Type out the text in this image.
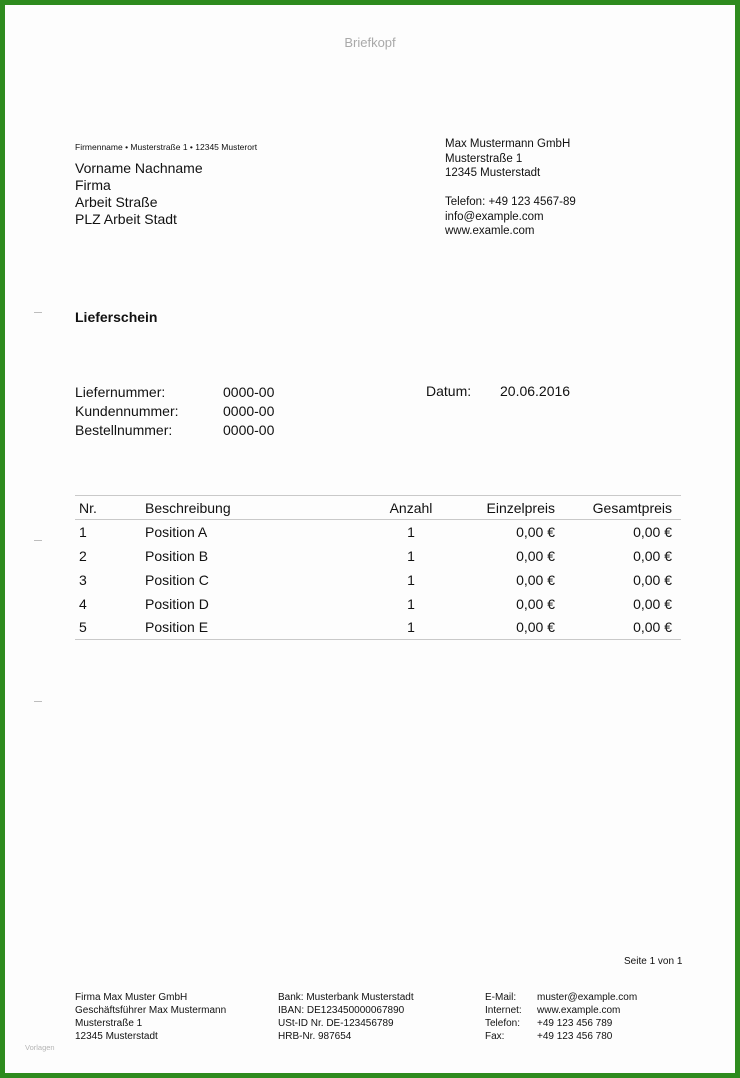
Briefkopf
Firmenname • Musterstraße 1 • 12345 Musterort
Vorname Nachname
Firma
Arbeit Straße
PLZ Arbeit Stadt
Max Mustermann GmbH
Musterstraße 1
12345 Musterstadt
Telefon: +49 123 4567-89
info@example.com
www.examle.com
Lieferschein
Liefernummer:	0000-00
Kundennummer:	0000-00
Bestellnummer:	0000-00
Datum: 20.06.2016
Nr.	Beschreibung	Anzahl	Einzelpreis	Gesamtpreis
1	Position A	1	0,00 €	0,00 €
2	Position B	1	0,00 €	0,00 €
3	Position C	1	0,00 €	0,00 €
4	Position D	1	0,00 €	0,00 €
5	Position E	1	0,00 €	0,00 €
Seite 1 von 1
Firma Max Muster GmbH
Geschäftsführer Max Mustermann
Musterstraße 1
12345 Musterstadt
Bank: Musterbank Musterstadt
IBAN: DE123450000067890
USt-ID Nr. DE-123456789
HRB-Nr. 987654
E-Mail:	muster@example.com
Internet:	www.example.com
Telefon:	+49 123 456 789
Fax:	+49 123 456 780
Vorlagen
